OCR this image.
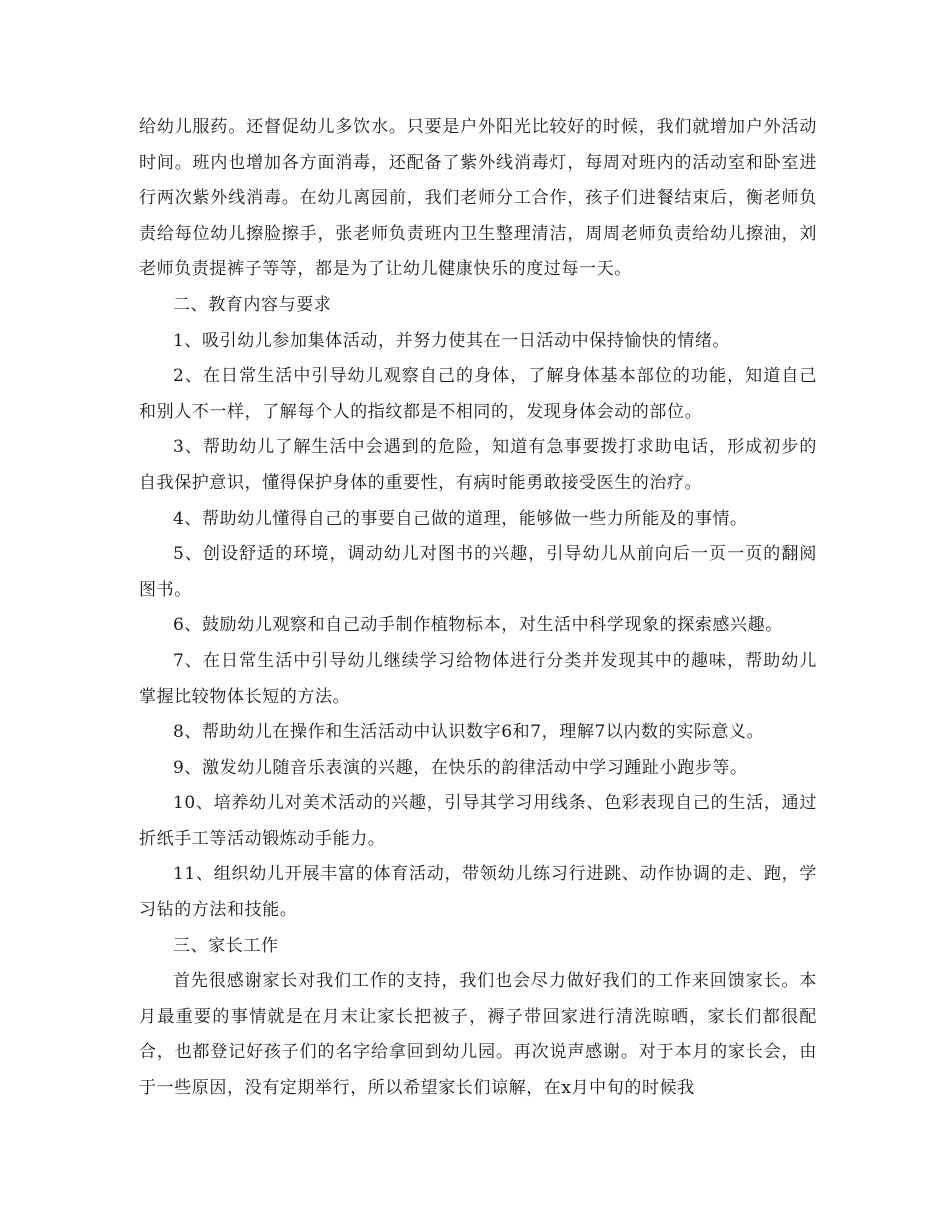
给幼儿服药。还督促幼儿多饮水。只要是户外阳光比较好的时候，我们就增加户外活动时间。班内也增加各方面消毒，还配备了紫外线消毒灯，每周对班内的活动室和卧室进行两次紫外线消毒。在幼儿离园前，我们老师分工合作，孩子们进餐结束后，衡老师负责给每位幼儿擦脸擦手，张老师负责班内卫生整理清洁，周周老师负责给幼儿擦油，刘老师负责提裤子等等，都是为了让幼儿健康快乐的度过每一天。

二、教育内容与要求

1、吸引幼儿参加集体活动，并努力使其在一日活动中保持愉快的情绪。

2、在日常生活中引导幼儿观察自己的身体，了解身体基本部位的功能，知道自己和别人不一样，了解每个人的指纹都是不相同的，发现身体会动的部位。

3、帮助幼儿了解生活中会遇到的危险，知道有急事要拨打求助电话，形成初步的自我保护意识，懂得保护身体的重要性，有病时能勇敢接受医生的治疗。

4、帮助幼儿懂得自己的事要自己做的道理，能够做一些力所能及的事情。

5、创设舒适的环境，调动幼儿对图书的兴趣，引导幼儿从前向后一页一页的翻阅图书。

6、鼓励幼儿观察和自己动手制作植物标本，对生活中科学现象的探索感兴趣。

7、在日常生活中引导幼儿继续学习给物体进行分类并发现其中的趣味，帮助幼儿掌握比较物体长短的方法。

8、帮助幼儿在操作和生活活动中认识数字6和7，理解7以内数的实际意义。

9、激发幼儿随音乐表演的兴趣，在快乐的韵律活动中学习踵趾小跑步等。

10、培养幼儿对美术活动的兴趣，引导其学习用线条、色彩表现自己的生活，通过折纸手工等活动锻炼动手能力。

11、组织幼儿开展丰富的体育活动，带领幼儿练习行进跳、动作协调的走、跑，学习钻的方法和技能。

三、家长工作

首先很感谢家长对我们工作的支持，我们也会尽力做好我们的工作来回馈家长。本月最重要的事情就是在月末让家长把被子，褥子带回家进行清洗晾晒，家长们都很配合，也都登记好孩子们的名字给拿回到幼儿园。再次说声感谢。对于本月的家长会，由于一些原因，没有定期举行，所以希望家长们谅解，在x月中旬的时候我
